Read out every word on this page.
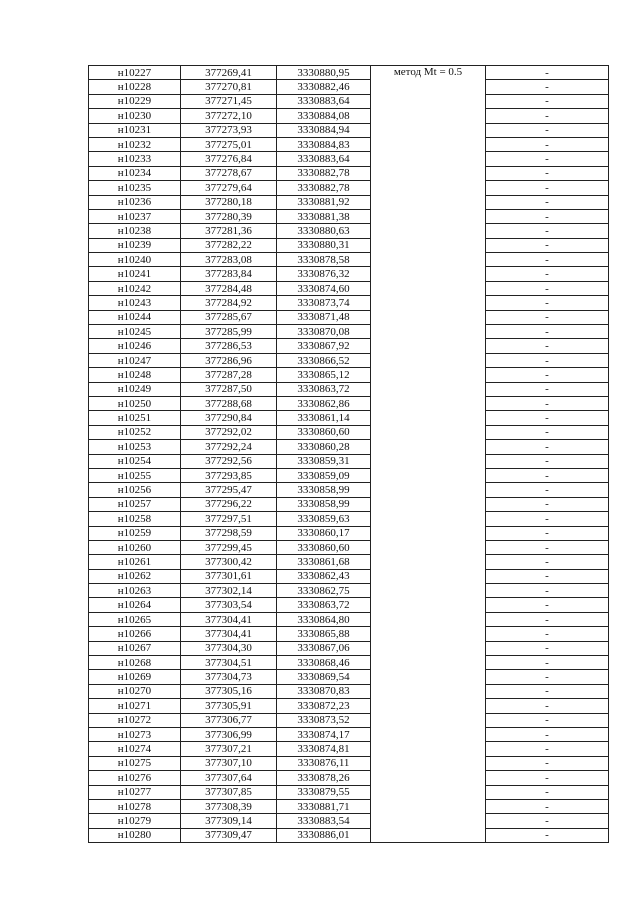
н10227	377269,41	3330880,95	метод Mt = 0.5	-
н10228	377270,81	3330882,46		-
н10229	377271,45	3330883,64		-
н10230	377272,10	3330884,08		-
н10231	377273,93	3330884,94		-
н10232	377275,01	3330884,83		-
н10233	377276,84	3330883,64		-
н10234	377278,67	3330882,78		-
н10235	377279,64	3330882,78		-
н10236	377280,18	3330881,92		-
н10237	377280,39	3330881,38		-
н10238	377281,36	3330880,63		-
н10239	377282,22	3330880,31		-
н10240	377283,08	3330878,58		-
н10241	377283,84	3330876,32		-
н10242	377284,48	3330874,60		-
н10243	377284,92	3330873,74		-
н10244	377285,67	3330871,48		-
н10245	377285,99	3330870,08		-
н10246	377286,53	3330867,92		-
н10247	377286,96	3330866,52		-
н10248	377287,28	3330865,12		-
н10249	377287,50	3330863,72		-
н10250	377288,68	3330862,86		-
н10251	377290,84	3330861,14		-
н10252	377292,02	3330860,60		-
н10253	377292,24	3330860,28		-
н10254	377292,56	3330859,31		-
н10255	377293,85	3330859,09		-
н10256	377295,47	3330858,99		-
н10257	377296,22	3330858,99		-
н10258	377297,51	3330859,63		-
н10259	377298,59	3330860,17		-
н10260	377299,45	3330860,60		-
н10261	377300,42	3330861,68		-
н10262	377301,61	3330862,43		-
н10263	377302,14	3330862,75		-
н10264	377303,54	3330863,72		-
н10265	377304,41	3330864,80		-
н10266	377304,41	3330865,88		-
н10267	377304,30	3330867,06		-
н10268	377304,51	3330868,46		-
н10269	377304,73	3330869,54		-
н10270	377305,16	3330870,83		-
н10271	377305,91	3330872,23		-
н10272	377306,77	3330873,52		-
н10273	377306,99	3330874,17		-
н10274	377307,21	3330874,81		-
н10275	377307,10	3330876,11		-
н10276	377307,64	3330878,26		-
н10277	377307,85	3330879,55		-
н10278	377308,39	3330881,71		-
н10279	377309,14	3330883,54		-
н10280	377309,47	3330886,01		-
